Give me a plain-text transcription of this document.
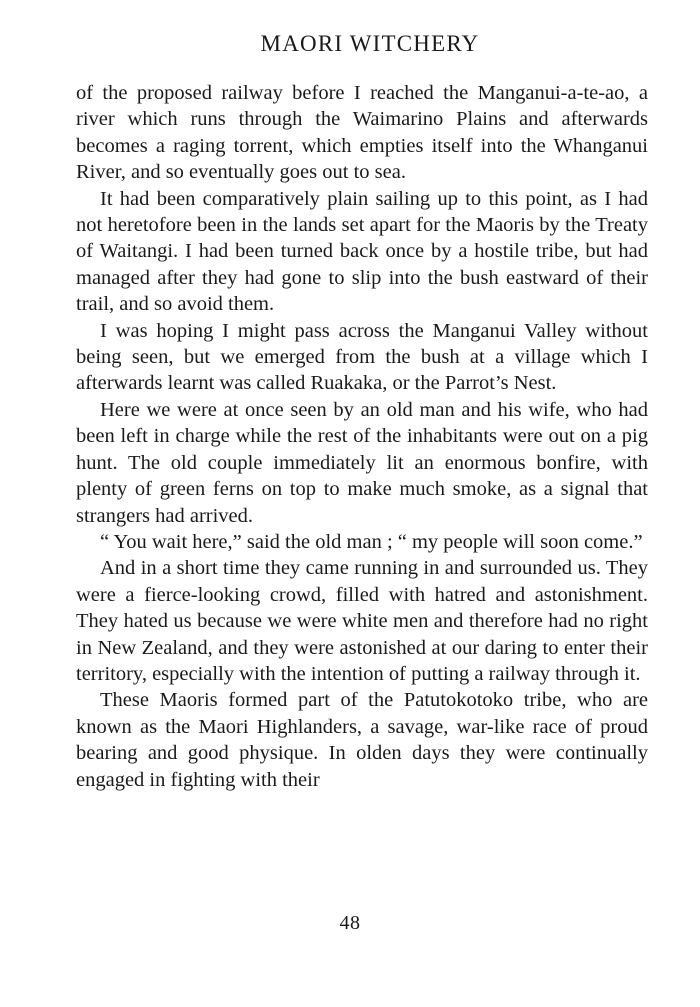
MAORI WITCHERY

of the proposed railway before I reached the Manganui-a-te-ao, a river which runs through the Waimarino Plains and afterwards becomes a raging torrent, which empties itself into the Whanganui River, and so eventually goes out to sea.

It had been comparatively plain sailing up to this point, as I had not heretofore been in the lands set apart for the Maoris by the Treaty of Waitangi. I had been turned back once by a hostile tribe, but had managed after they had gone to slip into the bush eastward of their trail, and so avoid them.

I was hoping I might pass across the Manganui Valley without being seen, but we emerged from the bush at a village which I afterwards learnt was called Ruakaka, or the Parrot’s Nest.

Here we were at once seen by an old man and his wife, who had been left in charge while the rest of the inhabitants were out on a pig hunt. The old couple immediately lit an enormous bonfire, with plenty of green ferns on top to make much smoke, as a signal that strangers had arrived.

“ You wait here,” said the old man ; “ my people will soon come.”

And in a short time they came running in and surrounded us. They were a fierce-looking crowd, filled with hatred and astonishment. They hated us because we were white men and therefore had no right in New Zealand, and they were astonished at our daring to enter their territory, especially with the intention of putting a railway through it.

These Maoris formed part of the Patutokotoko tribe, who are known as the Maori Highlanders, a savage, war-like race of proud bearing and good physique. In olden days they were continually engaged in fighting with their

48
